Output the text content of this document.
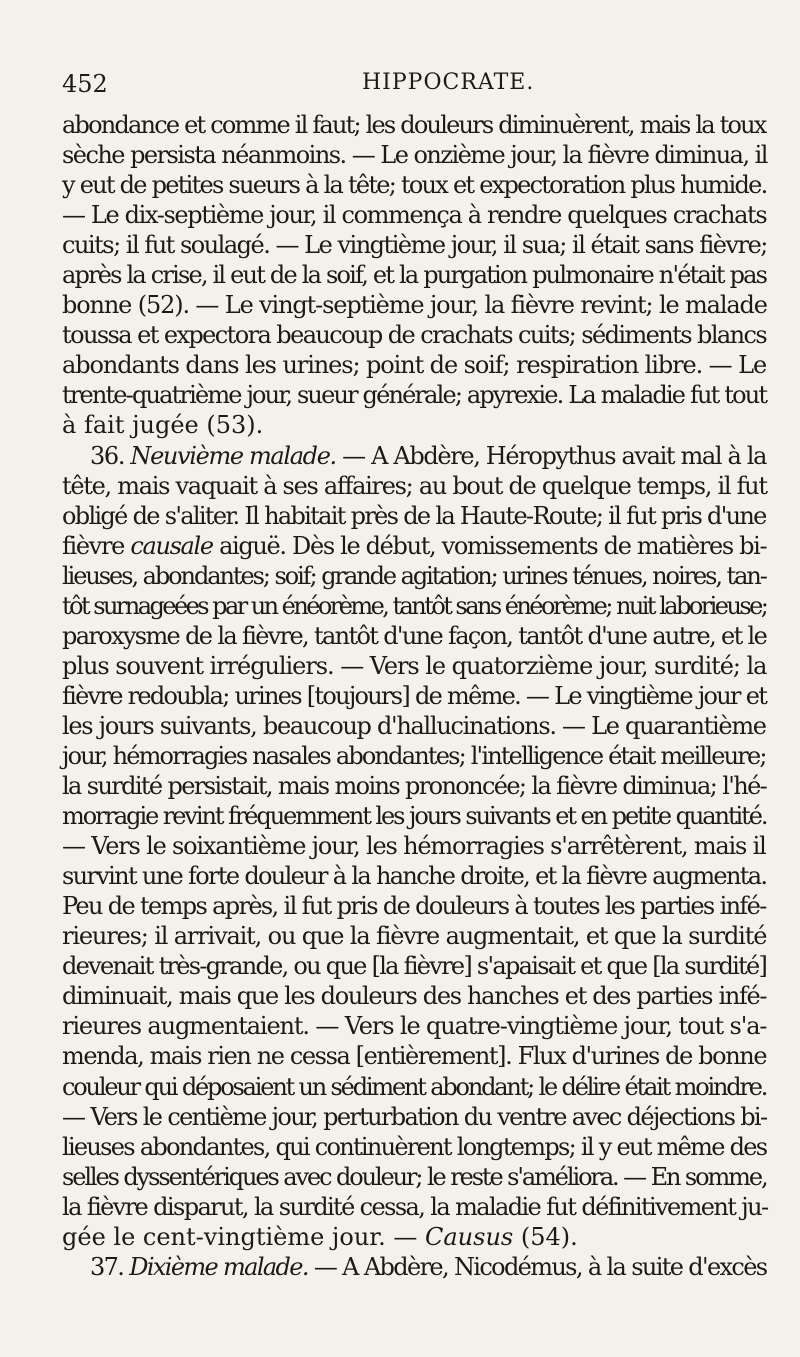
452	HIPPOCRATE.
abondance et comme il faut; les douleurs diminuèrent, mais la toux
sèche persista néanmoins. — Le onzième jour, la fièvre diminua, il
y eut de petites sueurs à la tête; toux et expectoration plus humide.
— Le dix-septième jour, il commença à rendre quelques crachats
cuits; il fut soulagé. — Le vingtième jour, il sua; il était sans fièvre;
après la crise, il eut de la soif, et la purgation pulmonaire n'était pas
bonne (52). — Le vingt-septième jour, la fièvre revint; le malade
toussa et expectora beaucoup de crachats cuits; sédiments blancs
abondants dans les urines; point de soif; respiration libre. — Le
trente-quatrième jour, sueur générale; apyrexie. La maladie fut tout
à fait jugée (53).
36. Neuvième malade. — A Abdère, Héropythus avait mal à la
tête, mais vaquait à ses affaires; au bout de quelque temps, il fut
obligé de s'aliter. Il habitait près de la Haute-Route; il fut pris d'une
fièvre causale aiguë. Dès le début, vomissements de matières bi-
lieuses, abondantes; soif; grande agitation; urines ténues, noires, tan-
tôt surnageées par un énéorème, tantôt sans énéorème; nuit laborieuse;
paroxysme de la fièvre, tantôt d'une façon, tantôt d'une autre, et le
plus souvent irréguliers. — Vers le quatorzième jour, surdité; la
fièvre redoubla; urines [toujours] de même. — Le vingtième jour et
les jours suivants, beaucoup d'hallucinations. — Le quarantième
jour, hémorragies nasales abondantes; l'intelligence était meilleure;
la surdité persistait, mais moins prononcée; la fièvre diminua; l'hé-
morragie revint fréquemment les jours suivants et en petite quantité.
— Vers le soixantième jour, les hémorragies s'arrêtèrent, mais il
survint une forte douleur à la hanche droite, et la fièvre augmenta.
Peu de temps après, il fut pris de douleurs à toutes les parties infé-
rieures; il arrivait, ou que la fièvre augmentait, et que la surdité
devenait très-grande, ou que [la fièvre] s'apaisait et que [la surdité]
diminuait, mais que les douleurs des hanches et des parties infé-
rieures augmentaient. — Vers le quatre-vingtième jour, tout s'a-
menda, mais rien ne cessa [entièrement]. Flux d'urines de bonne
couleur qui déposaient un sédiment abondant; le délire était moindre.
— Vers le centième jour, perturbation du ventre avec déjections bi-
lieuses abondantes, qui continuèrent longtemps; il y eut même des
selles dyssentériques avec douleur; le reste s'améliora. — En somme,
la fièvre disparut, la surdité cessa, la maladie fut définitivement ju-
gée le cent-vingtième jour. — Causus (54).
37. Dixième malade. — A Abdère, Nicodémus, à la suite d'excès
